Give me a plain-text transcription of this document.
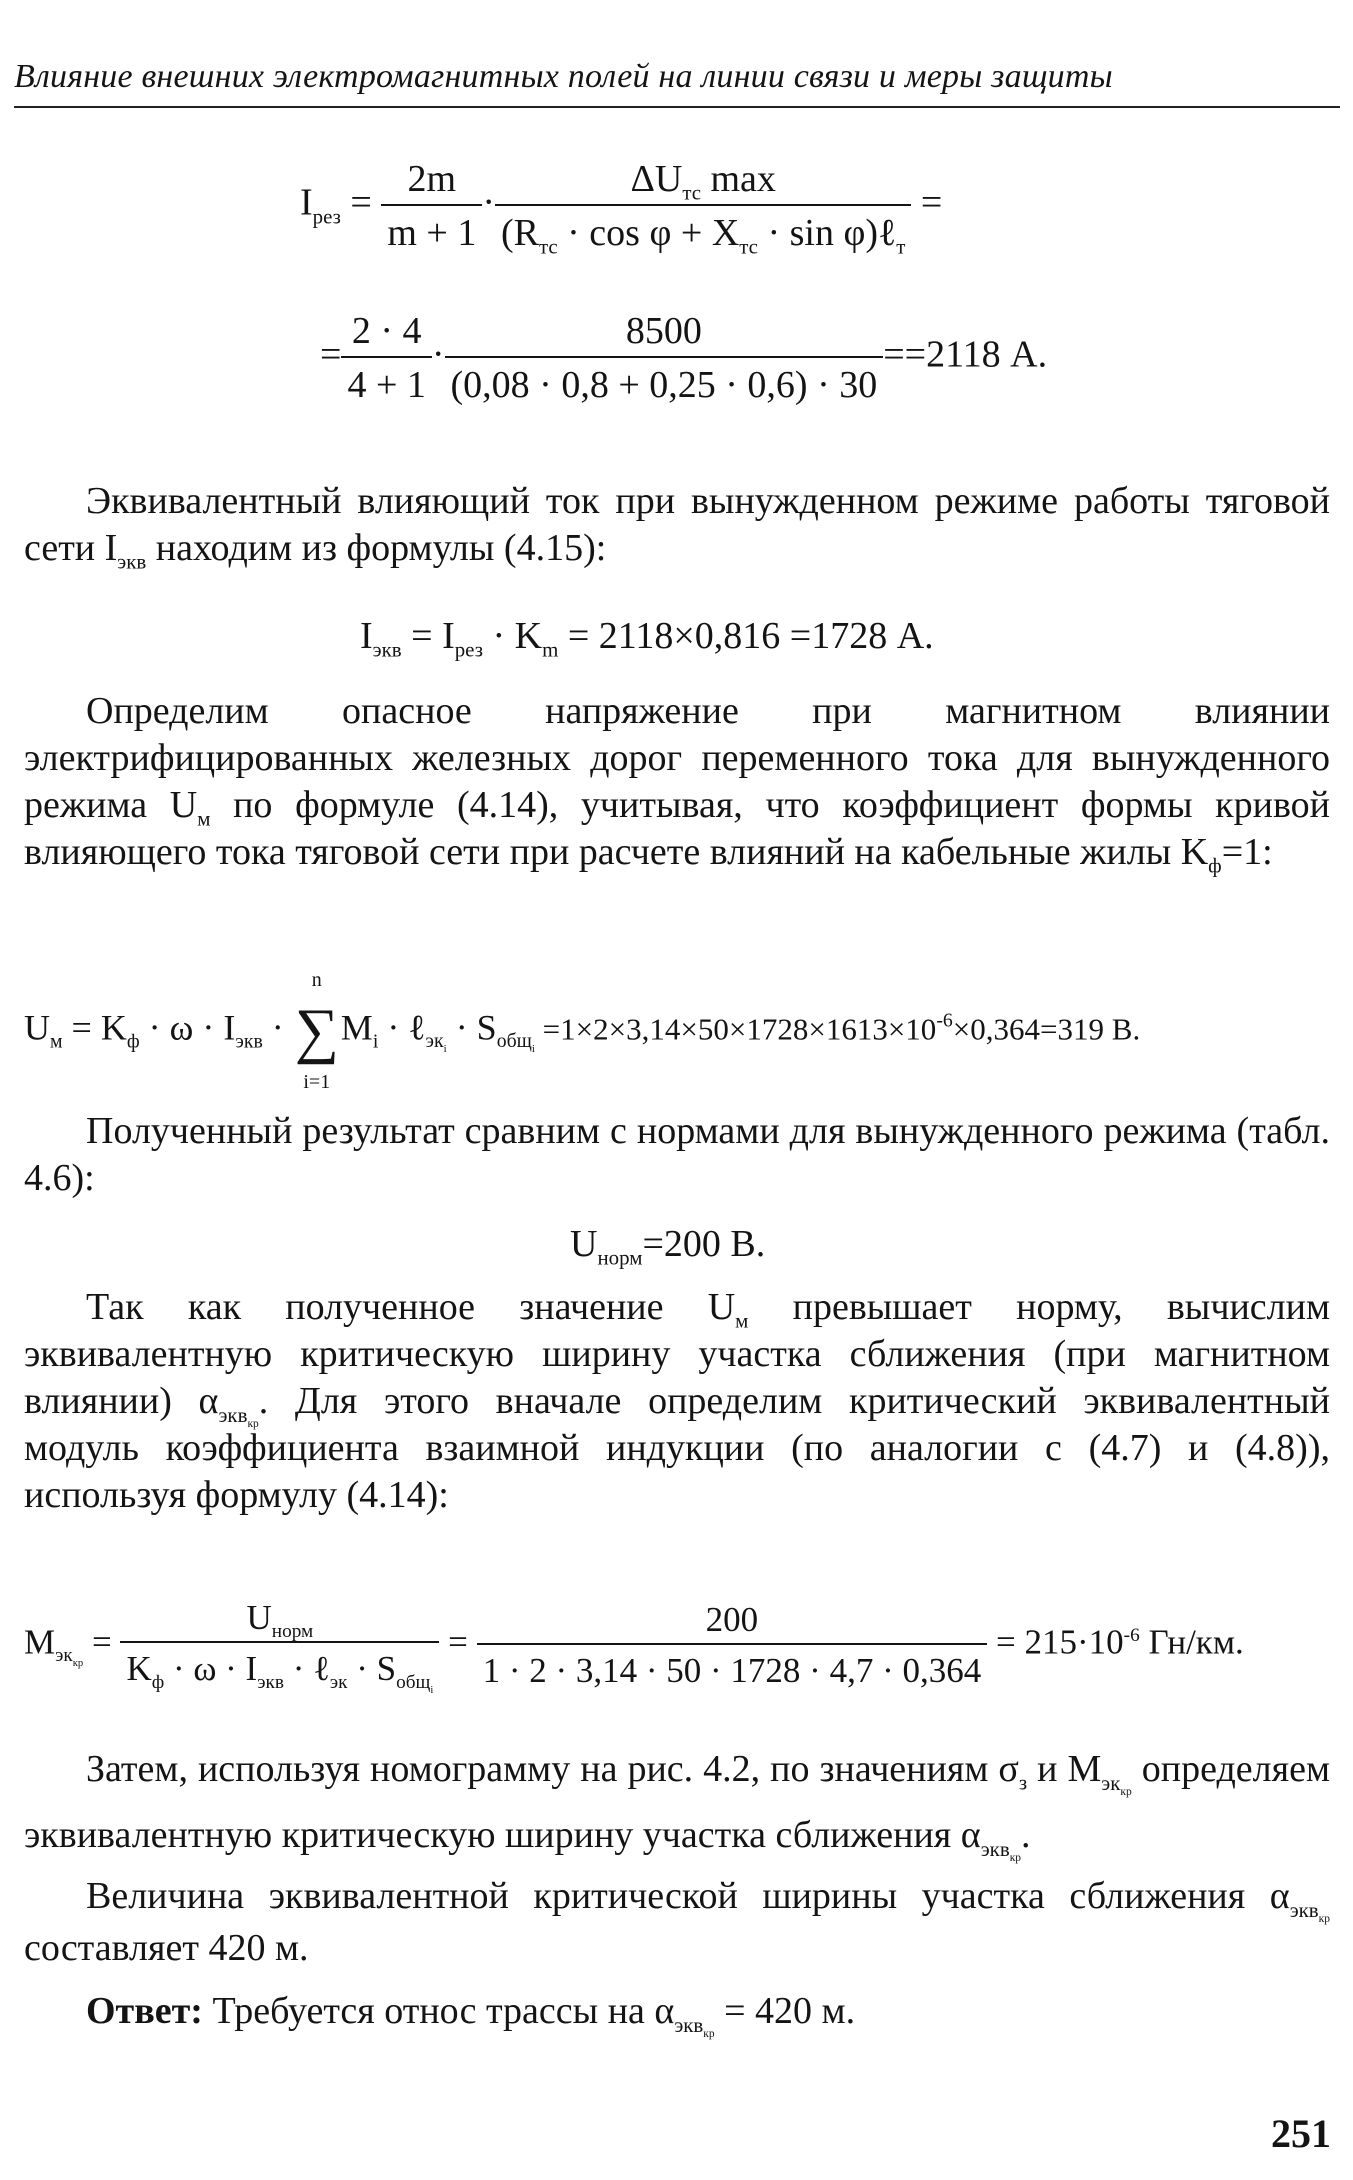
Влияние внешних электромагнитных полей на линии связи и меры защиты
$I_{рез} = \frac{2m}{m + 1} \cdot \frac{\Delta U_{тс} \max}{(R_{тс} \cdot \cos \varphi + X_{тс} \cdot \sin \varphi)\ell_т}$ =
= $\frac{2 \cdot 4}{4 + 1} \cdot \frac{8500}{(0,08 \cdot 0,8 + 0,25 \cdot 0,6) \cdot 30} ==2118$ А.
Эквивалентный влияющий ток при вынужденном режиме работы тяговой сети $I_{экв}$ находим из формулы (4.15):
$I_{экв} = I_{рез} \cdot K_m = 2118\times 0,816 =1728$ А.
Определим опасное напряжение при магнитном влиянии электрифицированных железных дорог переменного тока для вынужденного режима $U_м$ по формуле (4.14), учитывая, что коэффициент формы кривой влияющего тока тяговой сети при расчете влияний на кабельные жилы $K_ф=1$:
$U_м = K_ф \cdot \omega \cdot I_{экв}$ ·
n
∑
i=1
$M_i$ · ℓ$_{эк_i}$ · $S_{общ_i} =1\times 2\times 3,14\times 50\times 1728\times 1613\times 10^{-6}\times 0,364=319$ В.
Полученный результат сравним с нормами для вынужденного режима (табл. 4.6):
$U_{норм}=200$ В.
Так как полученное значение $U_м$ превышает норму, вычислим эквивалентную критическую ширину участка сближения (при магнитном влиянии) $\alpha_{экв_{кр}}$. Для этого вначале определим критический эквивалентный модуль коэффициента взаимной индукции (по аналогии с (4.7) и (4.8)), используя формулу (4.14):
$M_{эк_{кр}} = \frac{U_{норм}}{K_ф \cdot \omega \cdot I_{экв} \cdot \ell_{эк} \cdot S_{общ_i}} = \frac{200}{1 \cdot 2 \cdot 3,14 \cdot 50 \cdot 1728 \cdot 4,7 \cdot 0,364} = 215\cdot 10^{-6}$ Гн/км.
Затем, используя номограмму на рис. 4.2, по значениям $\sigma_з$ и $M_{эк_{кр}}$ определяем эквивалентную критическую ширину участка сближения $\alpha_{экв_{кр}}$.
Величина эквивалентной критической ширины участка сближения $\alpha_{экв_{кр}}$ составляет 420 м.
Ответ: Требуется относ трассы на $\alpha_{экв_{кр}} = 420$ м.
251
